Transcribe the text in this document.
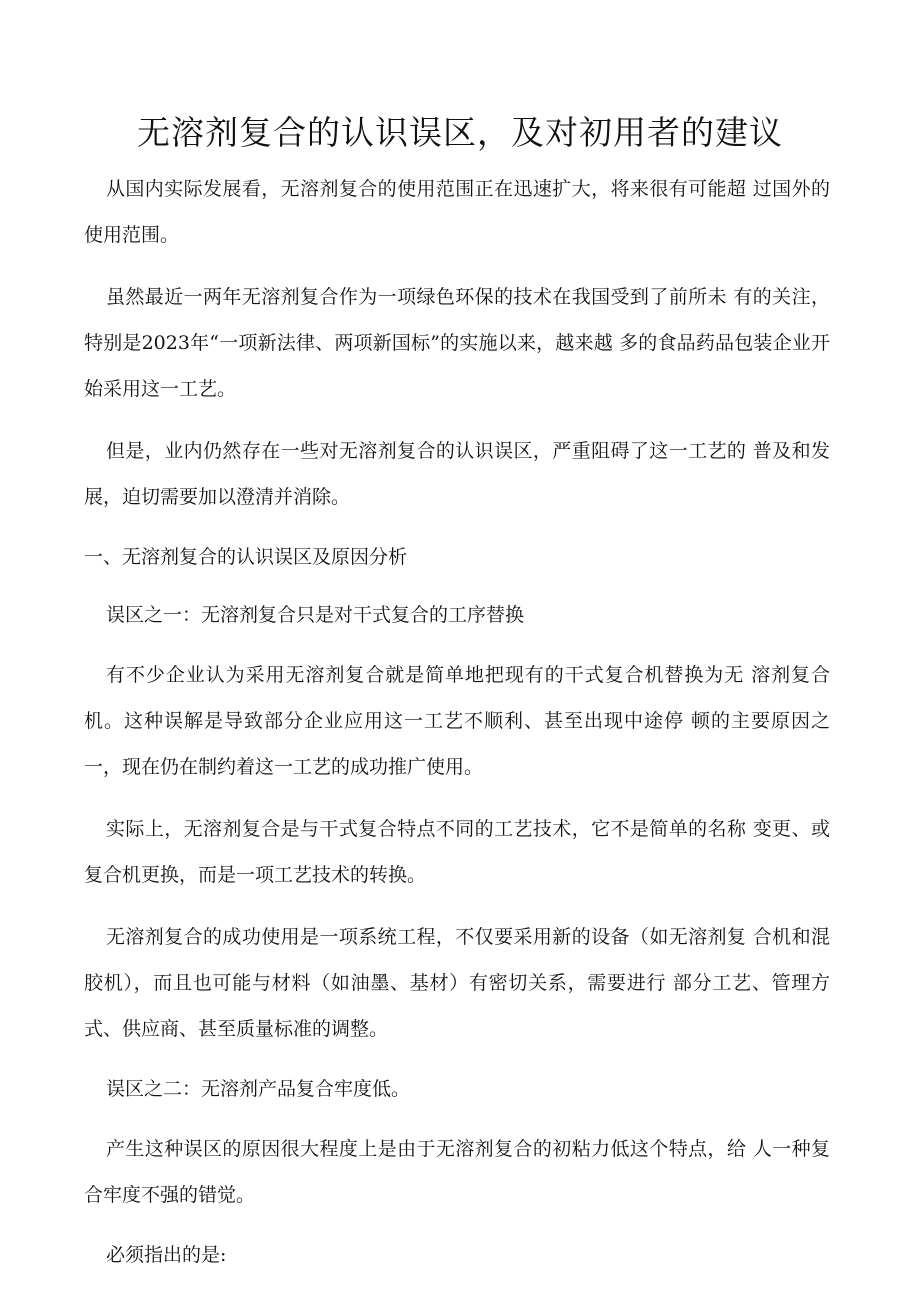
无溶剂复合的认识误区，及对初用者的建议

从国内实际发展看，无溶剂复合的使用范围正在迅速扩大，将来很有可能超 过国外的使用范围。

虽然最近一两年无溶剂复合作为一项绿色环保的技术在我国受到了前所未 有的关注，特别是2023年“一项新法律、两项新国标”的实施以来，越来越 多的食品药品包装企业开始采用这一工艺。

但是，业内仍然存在一些对无溶剂复合的认识误区，严重阻碍了这一工艺的 普及和发展，迫切需要加以澄清并消除。

一、无溶剂复合的认识误区及原因分析

误区之一：无溶剂复合只是对干式复合的工序替换

有不少企业认为采用无溶剂复合就是简单地把现有的干式复合机替换为无 溶剂复合机。这种误解是导致部分企业应用这一工艺不顺利、甚至出现中途停 顿的主要原因之一，现在仍在制约着这一工艺的成功推广使用。

实际上，无溶剂复合是与干式复合特点不同的工艺技术，它不是简单的名称 变更、或复合机更换，而是一项工艺技术的转换。

无溶剂复合的成功使用是一项系统工程，不仅要采用新的设备（如无溶剂复 合机和混胶机），而且也可能与材料（如油墨、基材）有密切关系，需要进行 部分工艺、管理方式、供应商、甚至质量标准的调整。

误区之二：无溶剂产品复合牢度低。

产生这种误区的原因很大程度上是由于无溶剂复合的初粘力低这个特点，给 人一种复合牢度不强的错觉。

必须指出的是:
